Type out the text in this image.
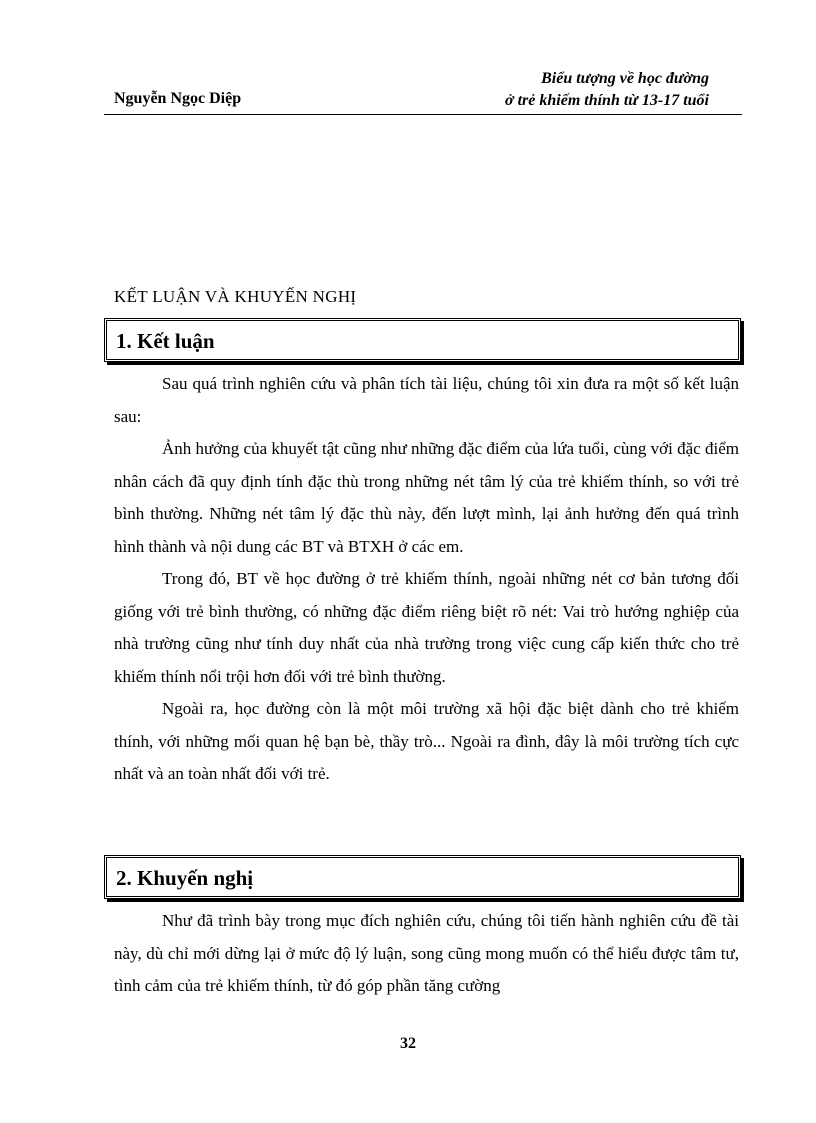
Nguyễn Ngọc Diệp
Biểu tượng về học đường
ở trẻ khiếm thính từ 13-17 tuổi
KẾT LUẬN VÀ KHUYẾN NGHỊ
1. Kết luận

Sau quá trình nghiên cứu và phân tích tài liệu, chúng tôi xin đưa ra một số kết luận sau:

Ảnh hưởng của khuyết tật cũng như những đặc điểm của lứa tuổi, cùng với đặc điểm nhân cách đã quy định tính đặc thù trong những nét tâm lý của trẻ khiếm thính, so với trẻ bình thường. Những nét tâm lý đặc thù này, đến lượt mình, lại ảnh hưởng đến quá trình hình thành và nội dung các BT và BTXH ở các em.

Trong đó, BT về học đường ở trẻ khiếm thính, ngoài những nét cơ bản tương đối giống với trẻ bình thường, có những đặc điểm riêng biệt rõ nét: Vai trò hướng nghiệp của nhà trường cũng như tính duy nhất của nhà trường trong việc cung cấp kiến thức cho trẻ khiếm thính nổi trội hơn đối với trẻ bình thường.

Ngoài ra, học đường còn là một môi trường xã hội đặc biệt dành cho trẻ khiếm thính, với những mối quan hệ bạn bè, thầy trò... Ngoài ra đình, đây là môi trường tích cực nhất và an toàn nhất đối với trẻ.

2. Khuyến nghị

Như đã trình bày trong mục đích nghiên cứu, chúng tôi tiến hành nghiên cứu đề tài này, dù chỉ mới dừng lại ở mức độ lý luận, song cũng mong muốn có thể hiểu được tâm tư, tình cảm của trẻ khiếm thính, từ đó góp phần tăng cường

32
